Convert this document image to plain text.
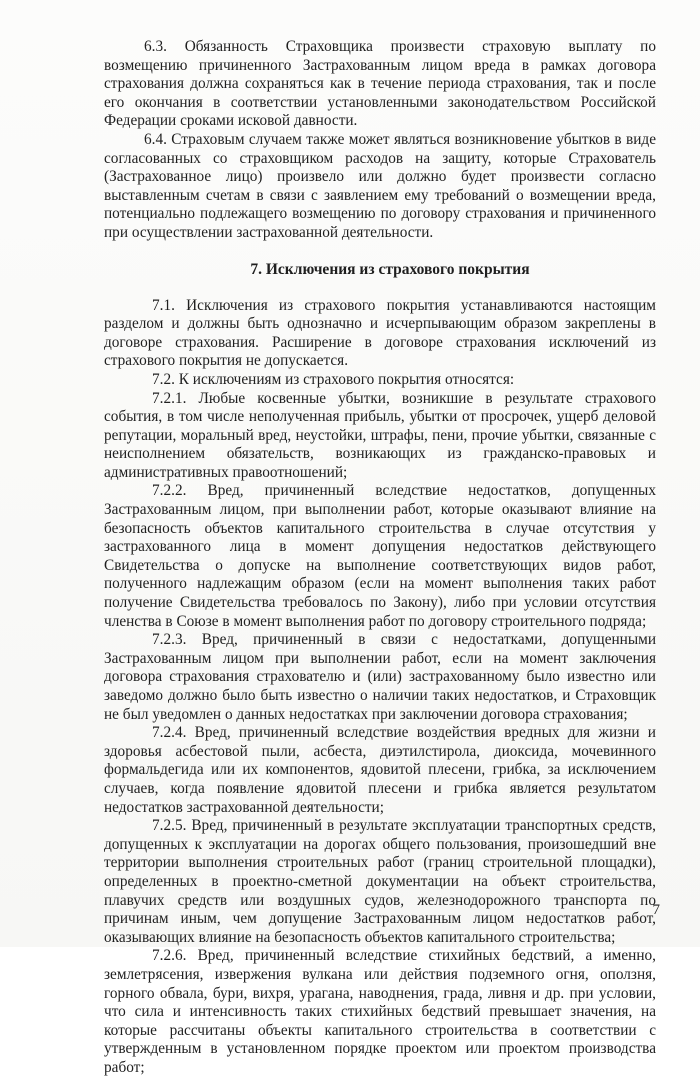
6.3. Обязанность Страховщика произвести страховую выплату по возмещению причиненного Застрахованным лицом вреда в рамках договора страхования должна сохраняться как в течение периода страхования, так и после его окончания в соответствии установленными законодательством Российской Федерации сроками исковой давности.

6.4. Страховым случаем также может являться возникновение убытков в виде согласованных со страховщиком расходов на защиту, которые Страхователь (Застрахованное лицо) произвело или должно будет произвести согласно выставленным счетам в связи с заявлением ему требований о возмещении вреда, потенциально подлежащего возмещению по договору страхования и причиненного при осуществлении застрахованной деятельности.

7. Исключения из страхового покрытия

7.1. Исключения из страхового покрытия устанавливаются настоящим разделом и должны быть однозначно и исчерпывающим образом закреплены в договоре страхования. Расширение в договоре страхования исключений из страхового покрытия не допускается.

7.2. К исключениям из страхового покрытия относятся:

7.2.1. Любые косвенные убытки, возникшие в результате страхового события, в том числе неполученная прибыль, убытки от просрочек, ущерб деловой репутации, моральный вред, неустойки, штрафы, пени, прочие убытки, связанные с неисполнением обязательств, возникающих из гражданско-правовых и административных правоотношений;

7.2.2. Вред, причиненный вследствие недостатков, допущенных Застрахованным лицом, при выполнении работ, которые оказывают влияние на безопасность объектов капитального строительства в случае отсутствия у застрахованного лица в момент допущения недостатков действующего Свидетельства о допуске на выполнение соответствующих видов работ, полученного надлежащим образом (если на момент выполнения таких работ получение Свидетельства требовалось по Закону), либо при условии отсутствия членства в Союзе в момент выполнения работ по договору строительного подряда;

7.2.3. Вред, причиненный в связи с недостатками, допущенными Застрахованным лицом при выполнении работ, если на момент заключения договора страхования страхователю и (или) застрахованному было известно или заведомо должно было быть известно о наличии таких недостатков, и Страховщик не был уведомлен о данных недостатках при заключении договора страхования;

7.2.4. Вред, причиненный вследствие воздействия вредных для жизни и здоровья асбестовой пыли, асбеста, диэтилстирола, диоксида, мочевинного формальдегида или их компонентов, ядовитой плесени, грибка, за исключением случаев, когда появление ядовитой плесени и грибка является результатом недостатков застрахованной деятельности;

7.2.5. Вред, причиненный в результате эксплуатации транспортных средств, допущенных к эксплуатации на дорогах общего пользования, произошедший вне территории выполнения строительных работ (границ строительной площадки), определенных в проектно-сметной документации на объект строительства, плавучих средств или воздушных судов, железнодорожного транспорта по причинам иным, чем допущение Застрахованным лицом недостатков работ, оказывающих влияние на безопасность объектов капитального строительства;

7.2.6. Вред, причиненный вследствие стихийных бедствий, а именно, землетрясения, извержения вулкана или действия подземного огня, оползня, горного обвала, бури, вихря, урагана, наводнения, града, ливня и др. при условии, что сила и интенсивность таких стихийных бедствий превышает значения, на которые рассчитаны объекты капитального строительства в соответствии с утвержденным в установленном порядке проектом или проектом производства работ;

7
